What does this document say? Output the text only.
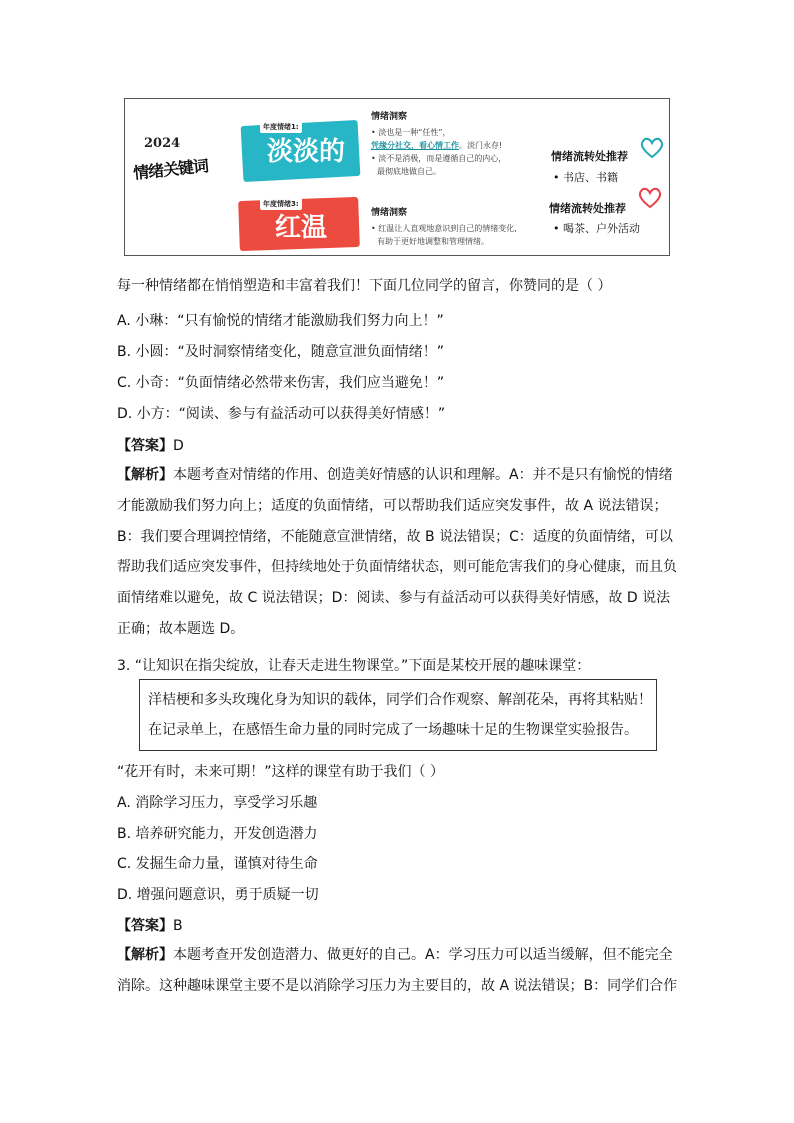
2024
情绪关键词
年度情绪1:
淡淡的
年度情绪3:
红温
情绪洞察
• 淡也是一种“任性”，
凭缘分社交，看心情工作。淡门永存!
• 淡不是消极，而是遵循自己的内心，
最彻底地做自己。
情绪洞察
• 红温让人直观地意识到自己的情绪变化,
有助于更好地调整和管理情绪。
情绪流转处推荐
• 书店、书籍
情绪流转处推荐
• 喝茶、户外活动
每一种情绪都在悄悄塑造和丰富着我们！下面几位同学的留言，你赞同的是（ ）
A. 小琳：“只有愉悦的情绪才能激励我们努力向上！”
B. 小圆：“及时洞察情绪变化，随意宣泄负面情绪！”
C. 小奇：“负面情绪必然带来伤害，我们应当避免！”
D. 小方：“阅读、参与有益活动可以获得美好情感！”
【答案】D
【解析】本题考查对情绪的作用、创造美好情感的认识和理解。A：并不是只有愉悦的情绪
才能激励我们努力向上；适度的负面情绪，可以帮助我们适应突发事件，故 A 说法错误；
B：我们要合理调控情绪，不能随意宣泄情绪，故 B 说法错误；C：适度的负面情绪，可以
帮助我们适应突发事件，但持续地处于负面情绪状态，则可能危害我们的身心健康，而且负
面情绪难以避免，故 C 说法错误；D：阅读、参与有益活动可以获得美好情感，故 D 说法
正确；故本题选 D。
3. “让知识在指尖绽放，让春天走进生物课堂。”下面是某校开展的趣味课堂：
洋桔梗和多头玫瑰化身为知识的载体，同学们合作观察、解剖花朵，再将其粘贴！
在记录单上，在感悟生命力量的同时完成了一场趣味十足的生物课堂实验报告。
“花开有时，未来可期！”这样的课堂有助于我们（ ）
A. 消除学习压力，享受学习乐趣
B. 培养研究能力，开发创造潜力
C. 发掘生命力量，谨慎对待生命
D. 增强问题意识，勇于质疑一切
【答案】B
【解析】本题考查开发创造潜力、做更好的自己。A：学习压力可以适当缓解，但不能完全
消除。这种趣味课堂主要不是以消除学习压力为主要目的，故 A 说法错误；B：同学们合作
